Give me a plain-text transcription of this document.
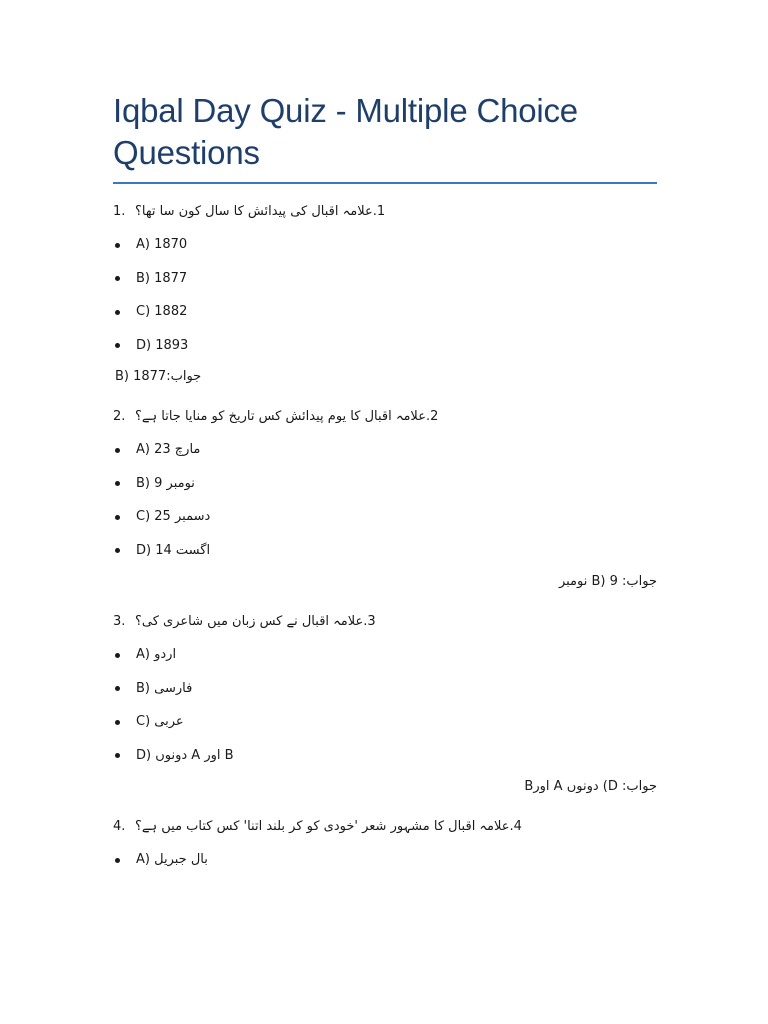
Iqbal Day Quiz - Multiple Choice Questions
1. 1.علامہ اقبال کی پیدائش کا سال کون سا تھا؟
A) 1870
B) 1877
C) 1882
D) 1893
B) 1877:جواب
2. 2.علامہ اقبال کا یوم پیدائش کس تاریخ کو منایا جاتا ہے؟
A) 23 مارچ
B) 9 نومبر
C) 25 دسمبر
D) 14 اگست
جواب: B) 9 نومبر
3. 3.علامہ اقبال نے کس زبان میں شاعری کی؟
A) اردو
B) فارسی
C) عربی
D) دونوں A اور B
جواب: D) دونوں A اورB
4. 4.علامہ اقبال کا مشہور شعر 'خودی کو کر بلند اتنا' کس کتاب میں ہے؟
A) بال جبریل
